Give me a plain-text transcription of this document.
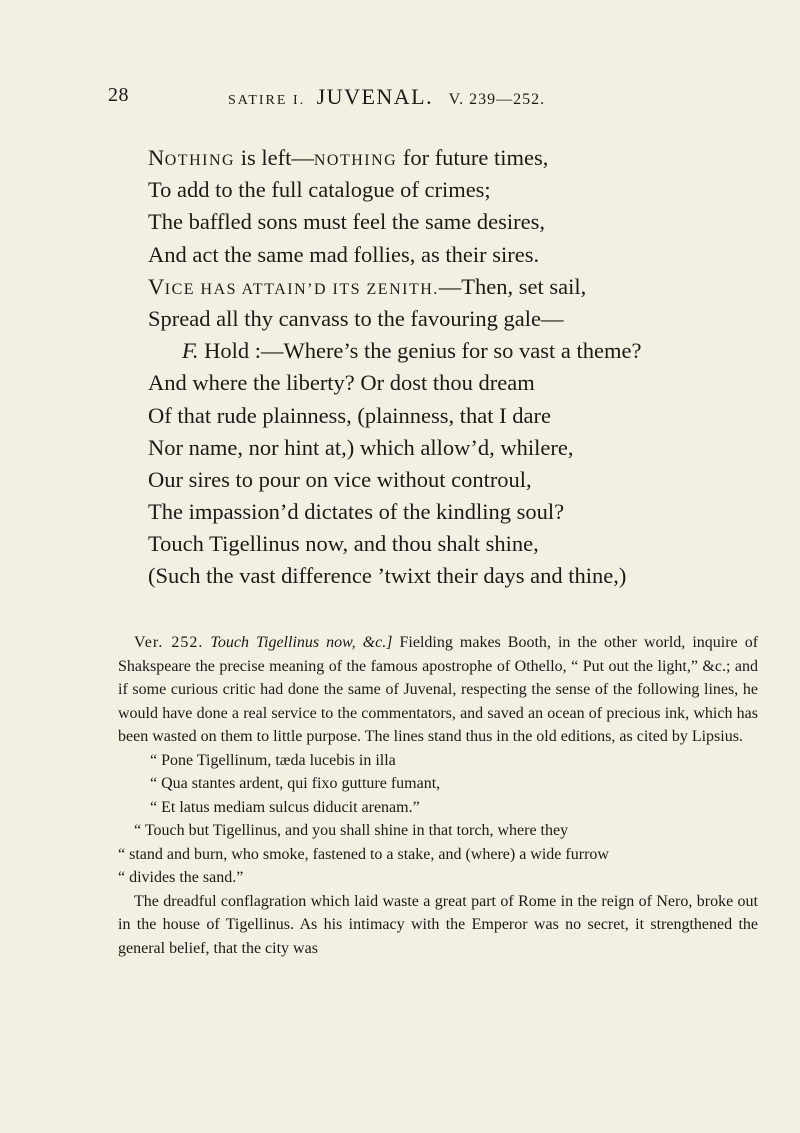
28	SATIRE I. JUVENAL. V. 239—252.
NOTHING is left—NOTHING for future times,
To add to the full catalogue of crimes;
The baffled sons must feel the same desires,
And act the same mad follies, as their sires.
VICE HAS ATTAIN’D ITS ZENITH.—Then, set sail,
Spread all thy canvass to the favouring gale—
F. Hold :—Where’s the genius for so vast a theme?
And where the liberty? Or dost thou dream
Of that rude plainness, (plainness, that I dare
Nor name, nor hint at,) which allow’d, whilere,
Our sires to pour on vice without controul,
The impassion’d dictates of the kindling soul?
Touch Tigellinus now, and thou shalt shine,
(Such the vast difference ’twixt their days and thine,)

Ver. 252. Touch Tigellinus now, &c.] Fielding makes Booth, in the other world, inquire of Shakspeare the precise meaning of the famous apostrophe of Othello, “ Put out the light,” &c.; and if some curious critic had done the same of Juvenal, respecting the sense of the following lines, he would have done a real service to the commentators, and saved an ocean of precious ink, which has been wasted on them to little purpose. The lines stand thus in the old editions, as cited by Lipsius.

“ Pone Tigellinum, tæda lucebis in illa

“ Qua stantes ardent, qui fixo gutture fumant,

“ Et latus mediam sulcus diducit arenam.”

“ Touch but Tigellinus, and you shall shine in that torch, where they

“ stand and burn, who smoke, fastened to a stake, and (where) a wide furrow

“ divides the sand.”

The dreadful conflagration which laid waste a great part of Rome in the reign of Nero, broke out in the house of Tigellinus. As his intimacy with the Emperor was no secret, it strengthened the general belief, that the city was
